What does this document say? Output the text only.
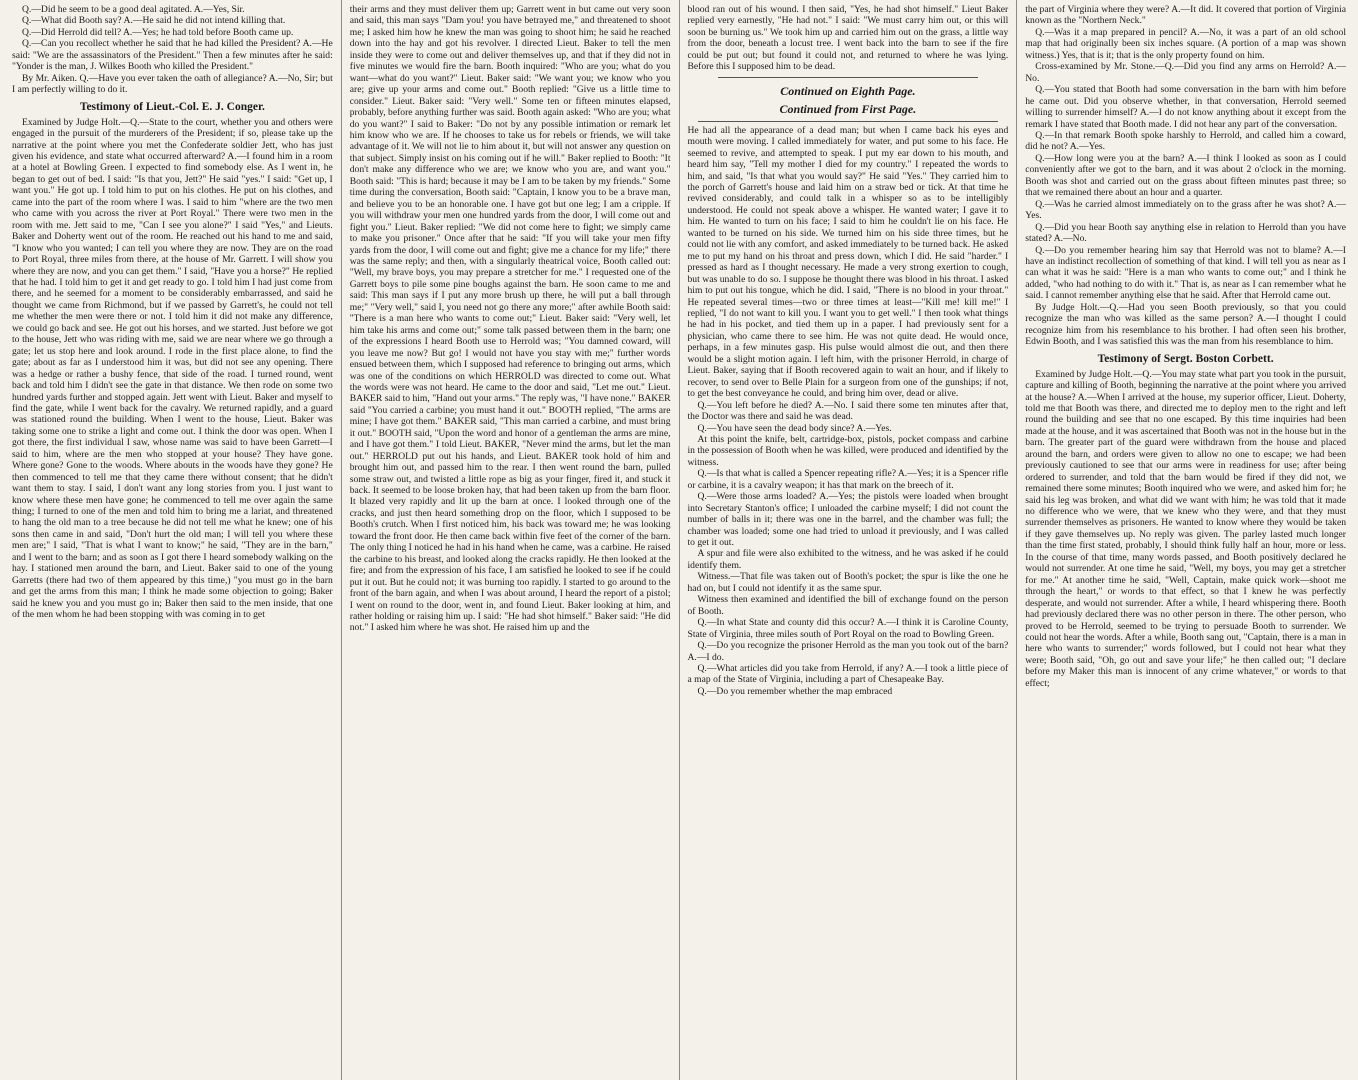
Q.—Did he seem to be a good deal agitated. A.—Yes, Sir.

Q.—What did Booth say? A.—He said he did not intend killing that.

Q.—Did Herrold did tell? A.—Yes; he had told before Booth came up.

Q.—Can you recollect whether he said that he had killed the President? A.—He said: "We are the assassinators of the President." Then a few minutes after he said: "Yonder is the man, J. Wilkes Booth who killed the President."

By Mr. Aiken. Q.—Have you ever taken the oath of allegiance? A.—No, Sir; but I am perfectly willing to do it.

Testimony of Lieut.-Col. E. J. Conger.

Examined by Judge Holt.—Q.—State to the court, whether you and others were engaged in the pursuit of the murderers of the President; if so, please take up the narrative at the point where you met the Confederate soldier Jett, who has just given his evidence, and state what occurred afterward? A.—I found him in a room at a hotel at Bowling Green. I expected to find somebody else. As I went in, he began to get out of bed. I said: "Is that you, Jett?" He said "yes." I said: "Get up, I want you." He got up. I told him to put on his clothes. He put on his clothes, and came into the part of the room where I was. I said to him "where are the two men who came with you across the river at Port Royal." There were two men in the room with me. Jett said to me, "Can I see you alone?" I said "Yes," and Lieuts. Baker and Doherty went out of the room. He reached out his hand to me and said, "I know who you wanted; I can tell you where they are now. They are on the road to Port Royal, three miles from there, at the house of Mr. Garrett. I will show you where they are now, and you can get them." I said, "Have you a horse?" He replied that he had. I told him to get it and get ready to go. I told him I had just come from there, and he seemed for a moment to be considerably embarrassed, and said he thought we came from Richmond, but if we passed by Garrett's, he could not tell me whether the men were there or not. I told him it did not make any difference, we could go back and see. He got out his horses, and we started. Just before we got to the house, Jett who was riding with me, said we are near where we go through a gate; let us stop here and look around. I rode in the first place alone, to find the gate; about as far as I understood him it was, but did not see any opening. There was a hedge or rather a bushy fence, that side of the road. I turned round, went back and told him I didn't see the gate in that distance. We then rode on some two hundred yards further and stopped again. Jett went with Lieut. Baker and myself to find the gate, while I went back for the cavalry. We returned rapidly, and a guard was stationed round the building. When I went to the house, Lieut. Baker was taking some one to strike a light and come out. I think the door was open. When I got there, the first individual I saw, whose name was said to have been Garrett—I said to him, where are the men who stopped at your house? They have gone. Where gone? Gone to the woods. Where abouts in the woods have they gone? He then commenced to tell me that they came there without consent; that he didn't want them to stay. I said, I don't want any long stories from you. I just want to know where these men have gone; he commenced to tell me over again the same thing; I turned to one of the men and told him to bring me a lariat, and threatened to hang the old man to a tree because he did not tell me what he knew; one of his sons then came in and said, "Don't hurt the old man; I will tell you where these men are;" I said, "That is what I want to know;" he said, "They are in the barn," and I went to the barn; and as soon as I got there I heard somebody walking on the hay. I stationed men around the barn, and Lieut. Baker said to one of the young Garretts (there had two of them appeared by this time,) "you must go in the barn and get the arms from this man; I think he made some objection to going; Baker said he knew you and you must go in; Baker then said to the men inside, that one of the men whom he had been stopping with was coming in to get

their arms and they must deliver them up; Garrett went in but came out very soon and said, this man says "Dam you! you have betrayed me," and threatened to shoot me; I asked him how he knew the man was going to shoot him; he said he reached down into the hay and got his revolver. I directed Lieut. Baker to tell the men inside they were to come out and deliver themselves up, and that if they did not in five minutes we would fire the barn. Booth inquired: "Who are you; what do you want—what do you want?" Lieut. Baker said: "We want you; we know who you are; give up your arms and come out." Booth replied: "Give us a little time to consider." Lieut. Baker said: "Very well." Some ten or fifteen minutes elapsed, probably, before anything further was said. Booth again asked: "Who are you; what do you want?" I said to Baker: "Do not by any possible intimation or remark let him know who we are. If he chooses to take us for rebels or friends, we will take advantage of it. We will not lie to him about it, but will not answer any question on that subject. Simply insist on his coming out if he will." Baker replied to Booth: "It don't make any difference who we are; we know who you are, and want you." Booth said: "This is hard; because it may be I am to be taken by my friends." Some time during the conversation, Booth said: "Captain, I know you to be a brave man, and believe you to be an honorable one. I have got but one leg; I am a cripple. If you will withdraw your men one hundred yards from the door, I will come out and fight you." Lieut. Baker replied: "We did not come here to fight; we simply came to make you prisoner." Once after that he said: "If you will take your men fifty yards from the door, I will come out and fight; give me a chance for my life;" there was the same reply; and then, with a singularly theatrical voice, Booth called out: "Well, my brave boys, you may prepare a stretcher for me." I requested one of the Garrett boys to pile some pine boughs against the barn. He soon came to me and said: This man says if I put any more brush up there, he will put a ball through me;" "Very well," said I, you need not go there any more;" after awhile Booth said: "There is a man here who wants to come out;" Lieut. Baker said: "Very well, let him take his arms and come out;" some talk passed between them in the barn; one of the expressions I heard Booth use to Herrold was; "You damned coward, will you leave me now? But go! I would not have you stay with me;" further words ensued between them, which I supposed had reference to bringing out arms, which was one of the conditions on which HERROLD was directed to come out. What the words were was not heard. He came to the door and said, "Let me out." Lieut. BAKER said to him, "Hand out your arms." The reply was, "I have none." BAKER said "You carried a carbine; you must hand it out." BOOTH replied, "The arms are mine; I have got them." BAKER said, "This man carried a carbine, and must bring it out." BOOTH said, "Upon the word and honor of a gentleman the arms are mine, and I have got them." I told Lieut. BAKER, "Never mind the arms, but let the man out." HERROLD put out his hands, and Lieut. BAKER took hold of him and brought him out, and passed him to the rear. I then went round the barn, pulled some straw out, and twisted a little rope as big as your finger, fired it, and stuck it back. It seemed to be loose broken hay, that had been taken up from the barn floor. It blazed very rapidly and lit up the barn at once. I looked through one of the cracks, and just then heard something drop on the floor, which I supposed to be Booth's crutch. When I first noticed him, his back was toward me; he was looking toward the front door. He then came back within five feet of the corner of the barn. The only thing I noticed he had in his hand when he came, was a carbine. He raised the carbine to his breast, and looked along the cracks rapidly. He then looked at the fire; and from the expression of his face, I am satisfied he looked to see if he could put it out. But he could not; it was burning too rapidly. I started to go around to the front of the barn again, and when I was about around, I heard the report of a pistol; I went on round to the door, went in, and found Lieut. Baker looking at him, and rather holding or raising him up. I said: "He had shot himself." Baker said: "He did not." I asked him where he was shot. He raised him up and the

blood ran out of his wound. I then said, "Yes, he had shot himself." Lieut Baker replied very earnestly, "He had not." I said: "We must carry him out, or this will soon be burning us." We took him up and carried him out on the grass, a little way from the door, beneath a locust tree. I went back into the barn to see if the fire could be put out; but found it could not, and returned to where he was lying. Before this I supposed him to be dead.

Continued on Eighth Page.
Continued from First Page.

He had all the appearance of a dead man; but when I came back his eyes and mouth were moving. I called immediately for water, and put some to his face. He seemed to revive, and attempted to speak. I put my ear down to his mouth, and heard him say, "Tell my mother I died for my country." I repeated the words to him, and said, "Is that what you would say?" He said "Yes." They carried him to the porch of Garrett's house and laid him on a straw bed or tick. At that time he revived considerably, and could talk in a whisper so as to be intelligibly understood. He could not speak above a whisper. He wanted water; I gave it to him. He wanted to turn on his face; I said to him he couldn't lie on his face. He wanted to be turned on his side. We turned him on his side three times, but he could not lie with any comfort, and asked immediately to be turned back. He asked me to put my hand on his throat and press down, which I did. He said "harder." I pressed as hard as I thought necessary. He made a very strong exertion to cough, but was unable to do so. I suppose he thought there was blood in his throat. I asked him to put out his tongue, which he did. I said, "There is no blood in your throat." He repeated several times—two or three times at least—"Kill me! kill me!" I replied, "I do not want to kill you. I want you to get well." I then took what things he had in his pocket, and tied them up in a paper. I had previously sent for a physician, who came there to see him. He was not quite dead. He would once, perhaps, in a few minutes gasp. His pulse would almost die out, and then there would be a slight motion again. I left him, with the prisoner Herrold, in charge of Lieut. Baker, saying that if Booth recovered again to wait an hour, and if likely to recover, to send over to Belle Plain for a surgeon from one of the gunships; if not, to get the best conveyance he could, and bring him over, dead or alive.

Q.—You left before he died? A.—No. I said there some ten minutes after that, the Doctor was there and said he was dead.

Q.—You have seen the dead body since? A.—Yes.

At this point the knife, belt, cartridge-box, pistols, pocket compass and carbine in the possession of Booth when he was killed, were produced and identified by the witness.

Q.—Is that what is called a Spencer repeating rifle? A.—Yes; it is a Spencer rifle or carbine, it is a cavalry weapon; it has that mark on the breech of it.

Q.—Were those arms loaded? A.—Yes; the pistols were loaded when brought into Secretary Stanton's office; I unloaded the carbine myself; I did not count the number of balls in it; there was one in the barrel, and the chamber was full; the chamber was loaded; some one had tried to unload it previously, and I was called to get it out.

A spur and file were also exhibited to the witness, and he was asked if he could identify them.

Witness.—That file was taken out of Booth's pocket; the spur is like the one he had on, but I could not identify it as the same spur.

Witness then examined and identified the bill of exchange found on the person of Booth.

Q.—In what State and county did this occur? A.—I think it is Caroline County, State of Virginia, three miles south of Port Royal on the road to Bowling Green.

Q.—Do you recognize the prisoner Herrold as the man you took out of the barn? A.—I do.

Q.—What articles did you take from Herrold, if any? A.—I took a little piece of a map of the State of Virginia, including a part of Chesapeake Bay.

Q.—Do you remember whether the map embraced

the part of Virginia where they were? A.—It did. It covered that portion of Virginia known as the "Northern Neck."

Q.—Was it a map prepared in pencil? A.—No, it was a part of an old school map that had originally been six inches square. (A portion of a map was shown witness.) Yes, that is it; that is the only property found on him.

Cross-examined by Mr. Stone.—Q.—Did you find any arms on Herrold? A.—No.

Q.—You stated that Booth had some conversation in the barn with him before he came out. Did you observe whether, in that conversation, Herrold seemed willing to surrender himself? A.—I do not know anything about it except from the remark I have stated that Booth made. I did not hear any part of the conversation.

Q.—In that remark Booth spoke harshly to Herrold, and called him a coward, did he not? A.—Yes.

Q.—How long were you at the barn? A.—I think I looked as soon as I could conveniently after we got to the barn, and it was about 2 o'clock in the morning. Booth was shot and carried out on the grass about fifteen minutes past three; so that we remained there about an hour and a quarter.

Q.—Was he carried almost immediately on to the grass after he was shot? A.—Yes.

Q.—Did you hear Booth say anything else in relation to Herrold than you have stated? A.—No.

Q.—Do you remember hearing him say that Herrold was not to blame? A.—I have an indistinct recollection of something of that kind. I will tell you as near as I can what it was he said: "Here is a man who wants to come out;" and I think he added, "who had nothing to do with it." That is, as near as I can remember what he said. I cannot remember anything else that he said. After that Herrold came out.

By Judge Holt.—Q.—Had you seen Booth previously, so that you could recognize the man who was killed as the same person? A.—I thought I could recognize him from his resemblance to his brother. I had often seen his brother, Edwin Booth, and I was satisfied this was the man from his resemblance to him.

Testimony of Sergt. Boston Corbett.

Examined by Judge Holt.—Q.—You may state what part you took in the pursuit, capture and killing of Booth, beginning the narrative at the point where you arrived at the house? A.—When I arrived at the house, my superior officer, Lieut. Doherty, told me that Booth was there, and directed me to deploy men to the right and left round the building and see that no one escaped. By this time inquiries had been made at the house, and it was ascertained that Booth was not in the house but in the barn. The greater part of the guard were withdrawn from the house and placed around the barn, and orders were given to allow no one to escape; we had been previously cautioned to see that our arms were in readiness for use; after being ordered to surrender, and told that the barn would be fired if they did not, we remained there some minutes; Booth inquired who we were, and asked him for; he said his leg was broken, and what did we want with him; he was told that it made no difference who we were, that we knew who they were, and that they must surrender themselves as prisoners. He wanted to know where they would be taken if they gave themselves up. No reply was given. The parley lasted much longer than the time first stated, probably, I should think fully half an hour, more or less. In the course of that time, many words passed, and Booth positively declared he would not surrender. At one time he said, "Well, my boys, you may get a stretcher for me." At another time he said, "Well, Captain, make quick work—shoot me through the heart," or words to that effect, so that I knew he was perfectly desperate, and would not surrender. After a while, I heard whispering there. Booth had previously declared there was no other person in there. The other person, who proved to be Herrold, seemed to be trying to persuade Booth to surrender. We could not hear the words. After a while, Booth sang out, "Captain, there is a man in here who wants to surrender;" words followed, but I could not hear what they were; Booth said, "Oh, go out and save your life;" he then called out; "I declare before my Maker this man is innocent of any crime whatever," or words to that effect;
